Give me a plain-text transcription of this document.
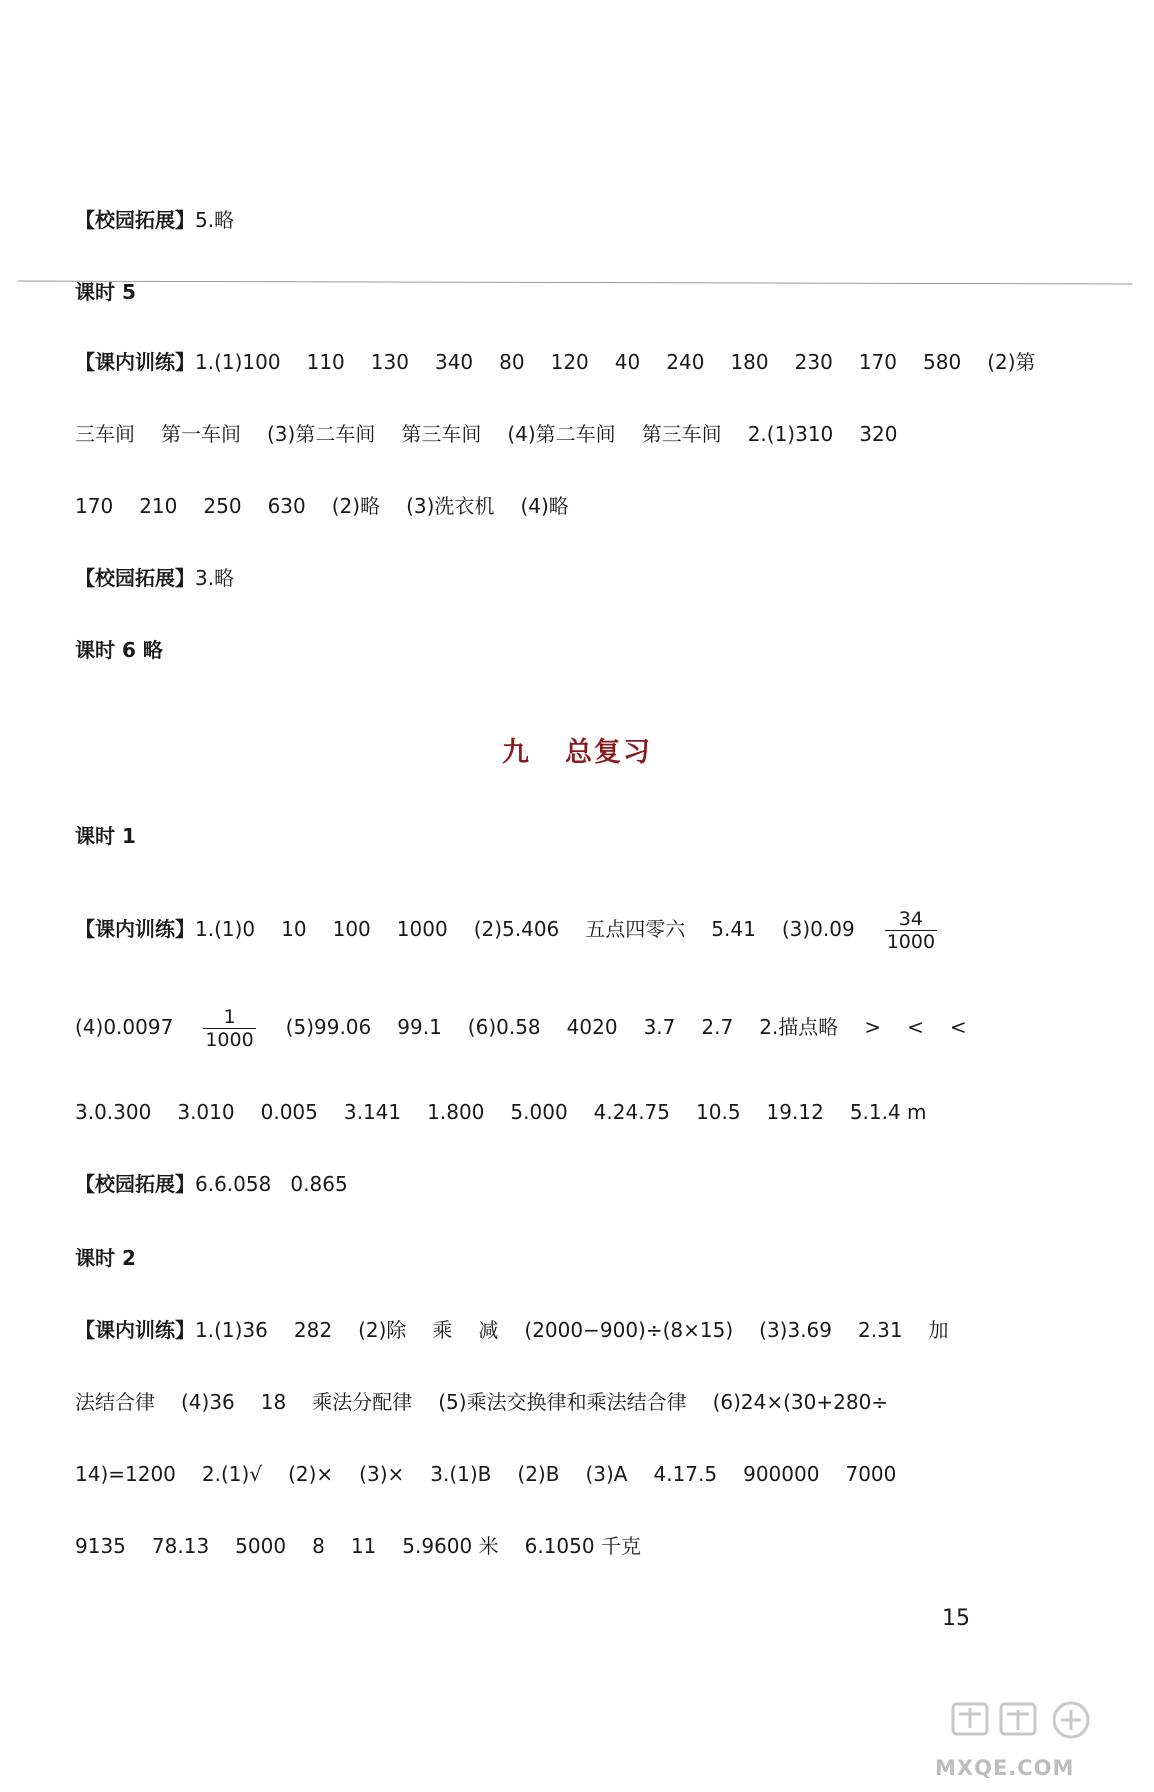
【校园拓展】5.略
课时 5
【课内训练】1.(1)100 110 130 340 80 120 40 240 180 230 170 580 (2)第
三车间 第一车间 (3)第二车间 第三车间 (4)第二车间 第三车间 2.(1)310 320
170 210 250 630 (2)略 (3)洗衣机 (4)略
【校园拓展】3.略
课时 6 略
九 总复习
课时 1
【课内训练】1.(1)0 10 100 1000 (2)5.406 五点四零六 5.41 $(3)0.09 \frac{34}{1000}$
$(4)0.0097 \frac{1}{1000} (5)99.06$ 99.1 (6)0.58 4020 3.7 2.7 2.描点略 > < <
3.0.300 3.010 0.005 3.141 1.800 5.000 4.24.75 10.5 19.12 5.1.4 m
【校园拓展】6.6.058   0.865
课时 2
【课内训练】1.(1)36 282 (2)除 乘 减 (2000−900)÷(8×15) (3)3.69 2.31 加
法结合律 (4)36 18 乘法分配律 (5)乘法交换律和乘法结合律 (6)24×(30+280÷
14)=1200 2.(1)√ (2)× (3)× 3.(1)B (2)B (3)A 4.17.5 900000 7000
9135 78.13 5000 8 11 5.9600 米 6.1050 千克
15
MXQE.COM
